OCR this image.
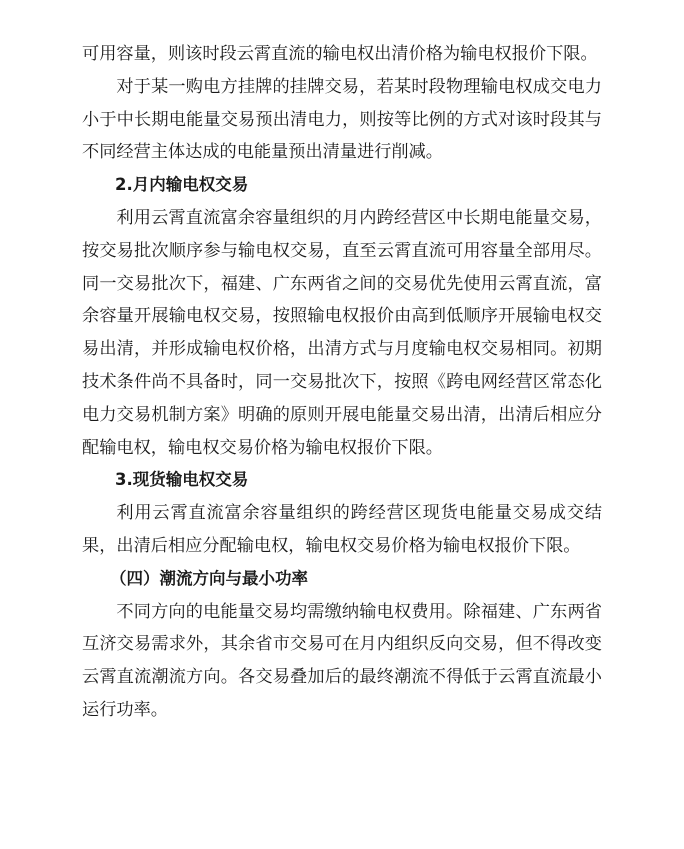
可用容量，则该时段云霄直流的输电权出清价格为输电权报价下限。

对于某一购电方挂牌的挂牌交易，若某时段物理输电权成交电力小于中长期电能量交易预出清电力，则按等比例的方式对该时段其与不同经营主体达成的电能量预出清量进行削减。

2.月内输电权交易

利用云霄直流富余容量组织的月内跨经营区中长期电能量交易，按交易批次顺序参与输电权交易，直至云霄直流可用容量全部用尽。同一交易批次下，福建、广东两省之间的交易优先使用云霄直流，富余容量开展输电权交易，按照输电权报价由高到低顺序开展输电权交易出清，并形成输电权价格，出清方式与月度输电权交易相同。初期技术条件尚不具备时，同一交易批次下，按照《跨电网经营区常态化电力交易机制方案》明确的原则开展电能量交易出清，出清后相应分配输电权，输电权交易价格为输电权报价下限。

3.现货输电权交易

利用云霄直流富余容量组织的跨经营区现货电能量交易成交结果，出清后相应分配输电权，输电权交易价格为输电权报价下限。

（四）潮流方向与最小功率

不同方向的电能量交易均需缴纳输电权费用。除福建、广东两省互济交易需求外，其余省市交易可在月内组织反向交易，但不得改变云霄直流潮流方向。各交易叠加后的最终潮流不得低于云霄直流最小运行功率。
